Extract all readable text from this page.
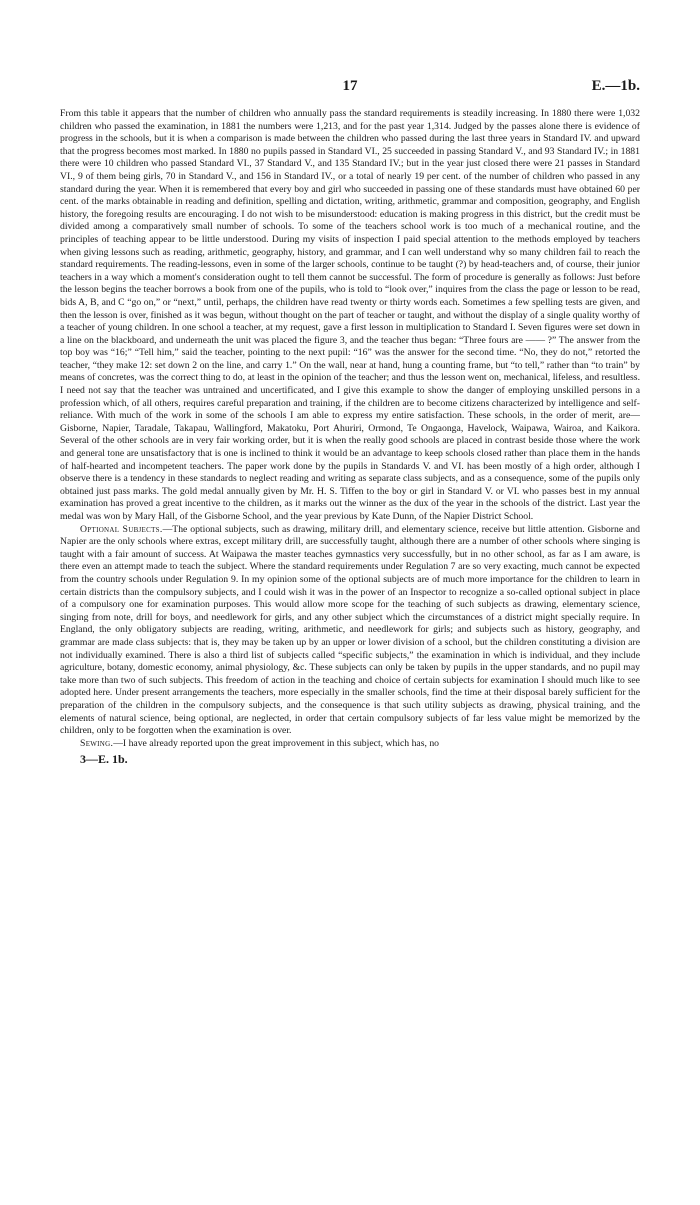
17	E.—1b.

From this table it appears that the number of children who annually pass the standard requirements is steadily increasing. In 1880 there were 1,032 children who passed the examination, in 1881 the numbers were 1,213, and for the past year 1,314. Judged by the passes alone there is evidence of progress in the schools, but it is when a comparison is made between the children who passed during the last three years in Standard IV. and upward that the progress becomes most marked. In 1880 no pupils passed in Standard VI., 25 succeeded in passing Standard V., and 93 Standard IV.; in 1881 there were 10 children who passed Standard VI., 37 Standard V., and 135 Standard IV.; but in the year just closed there were 21 passes in Standard VI., 9 of them being girls, 70 in Standard V., and 156 in Standard IV., or a total of nearly 19 per cent. of the number of children who passed in any standard during the year. When it is remembered that every boy and girl who succeeded in passing one of these standards must have obtained 60 per cent. of the marks obtainable in reading and definition, spelling and dictation, writing, arithmetic, grammar and composition, geography, and English history, the foregoing results are encouraging. I do not wish to be misunderstood: education is making progress in this district, but the credit must be divided among a comparatively small number of schools. To some of the teachers school work is too much of a mechanical routine, and the principles of teaching appear to be little understood. During my visits of inspection I paid special attention to the methods employed by teachers when giving lessons such as reading, arithmetic, geography, history, and grammar, and I can well understand why so many children fail to reach the standard requirements. The reading-lessons, even in some of the larger schools, continue to be taught (?) by head-teachers and, of course, their junior teachers in a way which a moment's consideration ought to tell them cannot be successful. The form of procedure is generally as follows: Just before the lesson begins the teacher borrows a book from one of the pupils, who is told to “look over,” inquires from the class the page or lesson to be read, bids A, B, and C “go on,” or “next,” until, perhaps, the children have read twenty or thirty words each. Sometimes a few spelling tests are given, and then the lesson is over, finished as it was begun, without thought on the part of teacher or taught, and without the display of a single quality worthy of a teacher of young children. In one school a teacher, at my request, gave a first lesson in multiplication to Standard I. Seven figures were set down in a line on the blackboard, and underneath the unit was placed the figure 3, and the teacher thus began: “Three fours are —— ?” The answer from the top boy was “16;” “Tell him,” said the teacher, pointing to the next pupil: “16” was the answer for the second time. “No, they do not,” retorted the teacher, “they make 12: set down 2 on the line, and carry 1.” On the wall, near at hand, hung a counting frame, but “to tell,” rather than “to train” by means of concretes, was the correct thing to do, at least in the opinion of the teacher; and thus the lesson went on, mechanical, lifeless, and resultless. I need not say that the teacher was untrained and uncertificated, and I give this example to show the danger of employing unskilled persons in a profession which, of all others, requires careful preparation and training, if the children are to become citizens characterized by intelligence and self-reliance. With much of the work in some of the schools I am able to express my entire satisfaction. These schools, in the order of merit, are—Gisborne, Napier, Taradale, Takapau, Wallingford, Makatoku, Port Ahuriri, Ormond, Te Ongaonga, Havelock, Waipawa, Wairoa, and Kaikora. Several of the other schools are in very fair working order, but it is when the really good schools are placed in contrast beside those where the work and general tone are unsatisfactory that is one is inclined to think it would be an advantage to keep schools closed rather than place them in the hands of half-hearted and incompetent teachers. The paper work done by the pupils in Standards V. and VI. has been mostly of a high order, although I observe there is a tendency in these standards to neglect reading and writing as separate class subjects, and as a consequence, some of the pupils only obtained just pass marks. The gold medal annually given by Mr. H. S. Tiffen to the boy or girl in Standard V. or VI. who passes best in my annual examination has proved a great incentive to the children, as it marks out the winner as the dux of the year in the schools of the district. Last year the medal was won by Mary Hall, of the Gisborne School, and the year previous by Kate Dunn, of the Napier District School.

Optional Subjects.—The optional subjects, such as drawing, military drill, and elementary science, receive but little attention. Gisborne and Napier are the only schools where extras, except military drill, are successfully taught, although there are a number of other schools where singing is taught with a fair amount of success. At Waipawa the master teaches gymnastics very successfully, but in no other school, as far as I am aware, is there even an attempt made to teach the subject. Where the standard requirements under Regulation 7 are so very exacting, much cannot be expected from the country schools under Regulation 9. In my opinion some of the optional subjects are of much more importance for the children to learn in certain districts than the compulsory subjects, and I could wish it was in the power of an Inspector to recognize a so-called optional subject in place of a compulsory one for examination purposes. This would allow more scope for the teaching of such subjects as drawing, elementary science, singing from note, drill for boys, and needlework for girls, and any other subject which the circumstances of a district might specially require. In England, the only obligatory subjects are reading, writing, arithmetic, and needlework for girls; and subjects such as history, geography, and grammar are made class subjects: that is, they may be taken up by an upper or lower division of a school, but the children constituting a division are not individually examined. There is also a third list of subjects called “specific subjects,” the examination in which is individual, and they include agriculture, botany, domestic economy, animal physiology, &c. These subjects can only be taken by pupils in the upper standards, and no pupil may take more than two of such subjects. This freedom of action in the teaching and choice of certain subjects for examination I should much like to see adopted here. Under present arrangements the teachers, more especially in the smaller schools, find the time at their disposal barely sufficient for the preparation of the children in the compulsory subjects, and the consequence is that such utility subjects as drawing, physical training, and the elements of natural science, being optional, are neglected, in order that certain compulsory subjects of far less value might be memorized by the children, only to be forgotten when the examination is over.

Sewing.—I have already reported upon the great improvement in this subject, which has, no

3—E. 1b.
